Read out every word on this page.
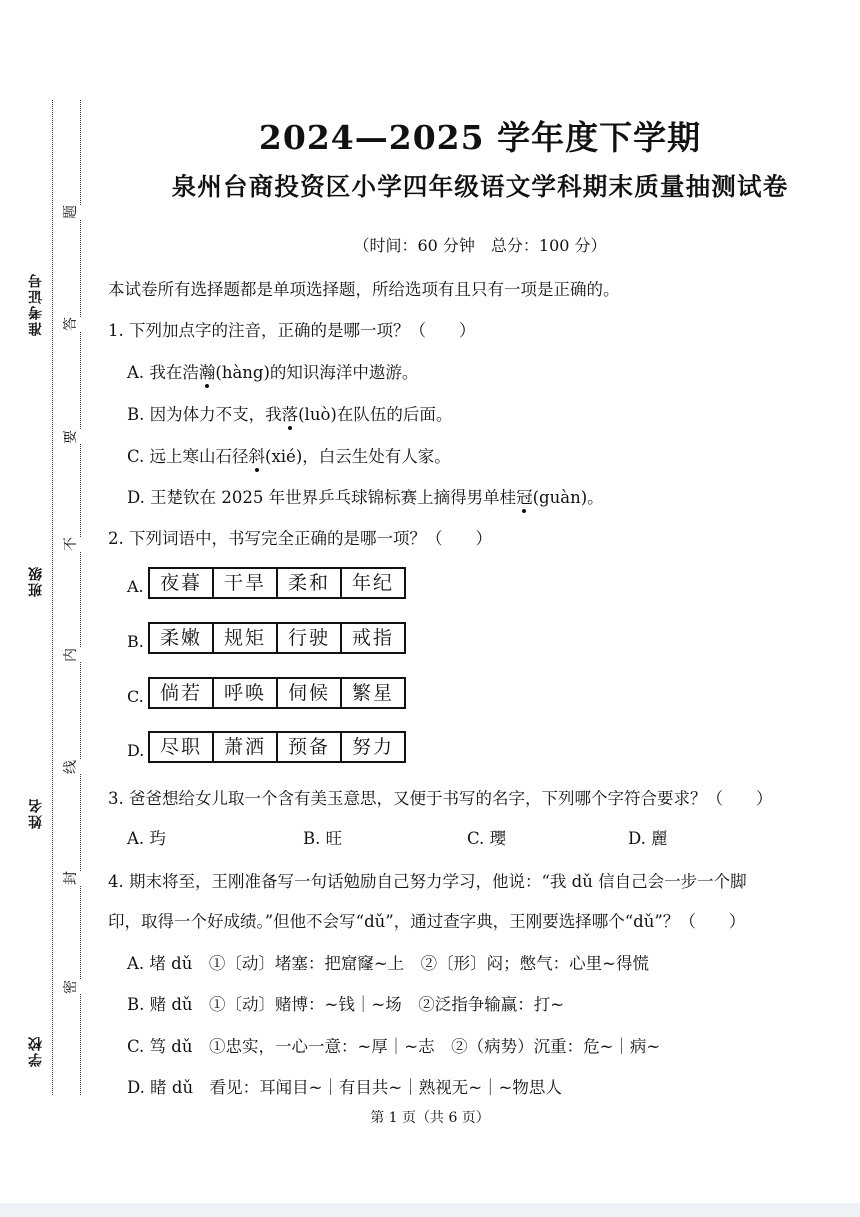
准考证号
班级
姓名
学校
题
答
要
不
内
线
封
密
2024—2025 学年度下学期
泉州台商投资区小学四年级语文学科期末质量抽测试卷
（时间：60 分钟　总分：100 分）
本试卷所有选择题都是单项选择题，所给选项有且只有一项是正确的。
1. 下列加点字的注音，正确的是哪一项？（　　）
A. 我在浩瀚(hàng)的知识海洋中遨游。
B. 因为体力不支，我落(luò)在队伍的后面。
C. 远上寒山石径斜(xié)，白云生处有人家。
D. 王楚钦在 2025 年世界乒乓球锦标赛上摘得男单桂冠(guàn)。
2. 下列词语中，书写完全正确的是哪一项？（　　）
A. 夜暮	干旱	柔和	年纪
B. 柔嫩	规矩	行驶	戒指
C. 倘若	呼唤	伺候	繁星
D. 尽职	萧洒	预备	努力
3. 爸爸想给女儿取一个含有美玉意思，又便于书写的名字，下列哪个字符合要求？（　　）
A. 玙	B. 旺	C. 瓔	D. 麗
4. 期末将至，王刚准备写一句话勉励自己努力学习，他说：“我 dǔ 信自己会一步一个脚
印，取得一个好成绩。”但他不会写“dǔ”，通过查字典，王刚要选择哪个“dǔ”？（　　）
A. 堵 dǔ　①〔动〕堵塞：把窟窿~上　②〔形〕闷；憋气：心里~得慌
B. 赌 dǔ　①〔动〕赌博：~钱｜~场　②泛指争输赢：打~
C. 笃 dǔ　①忠实，一心一意：~厚｜~志　②（病势）沉重：危~｜病~
D. 睹 dǔ　看见：耳闻目~｜有目共~｜熟视无~｜~物思人
第 1 页（共 6 页）
